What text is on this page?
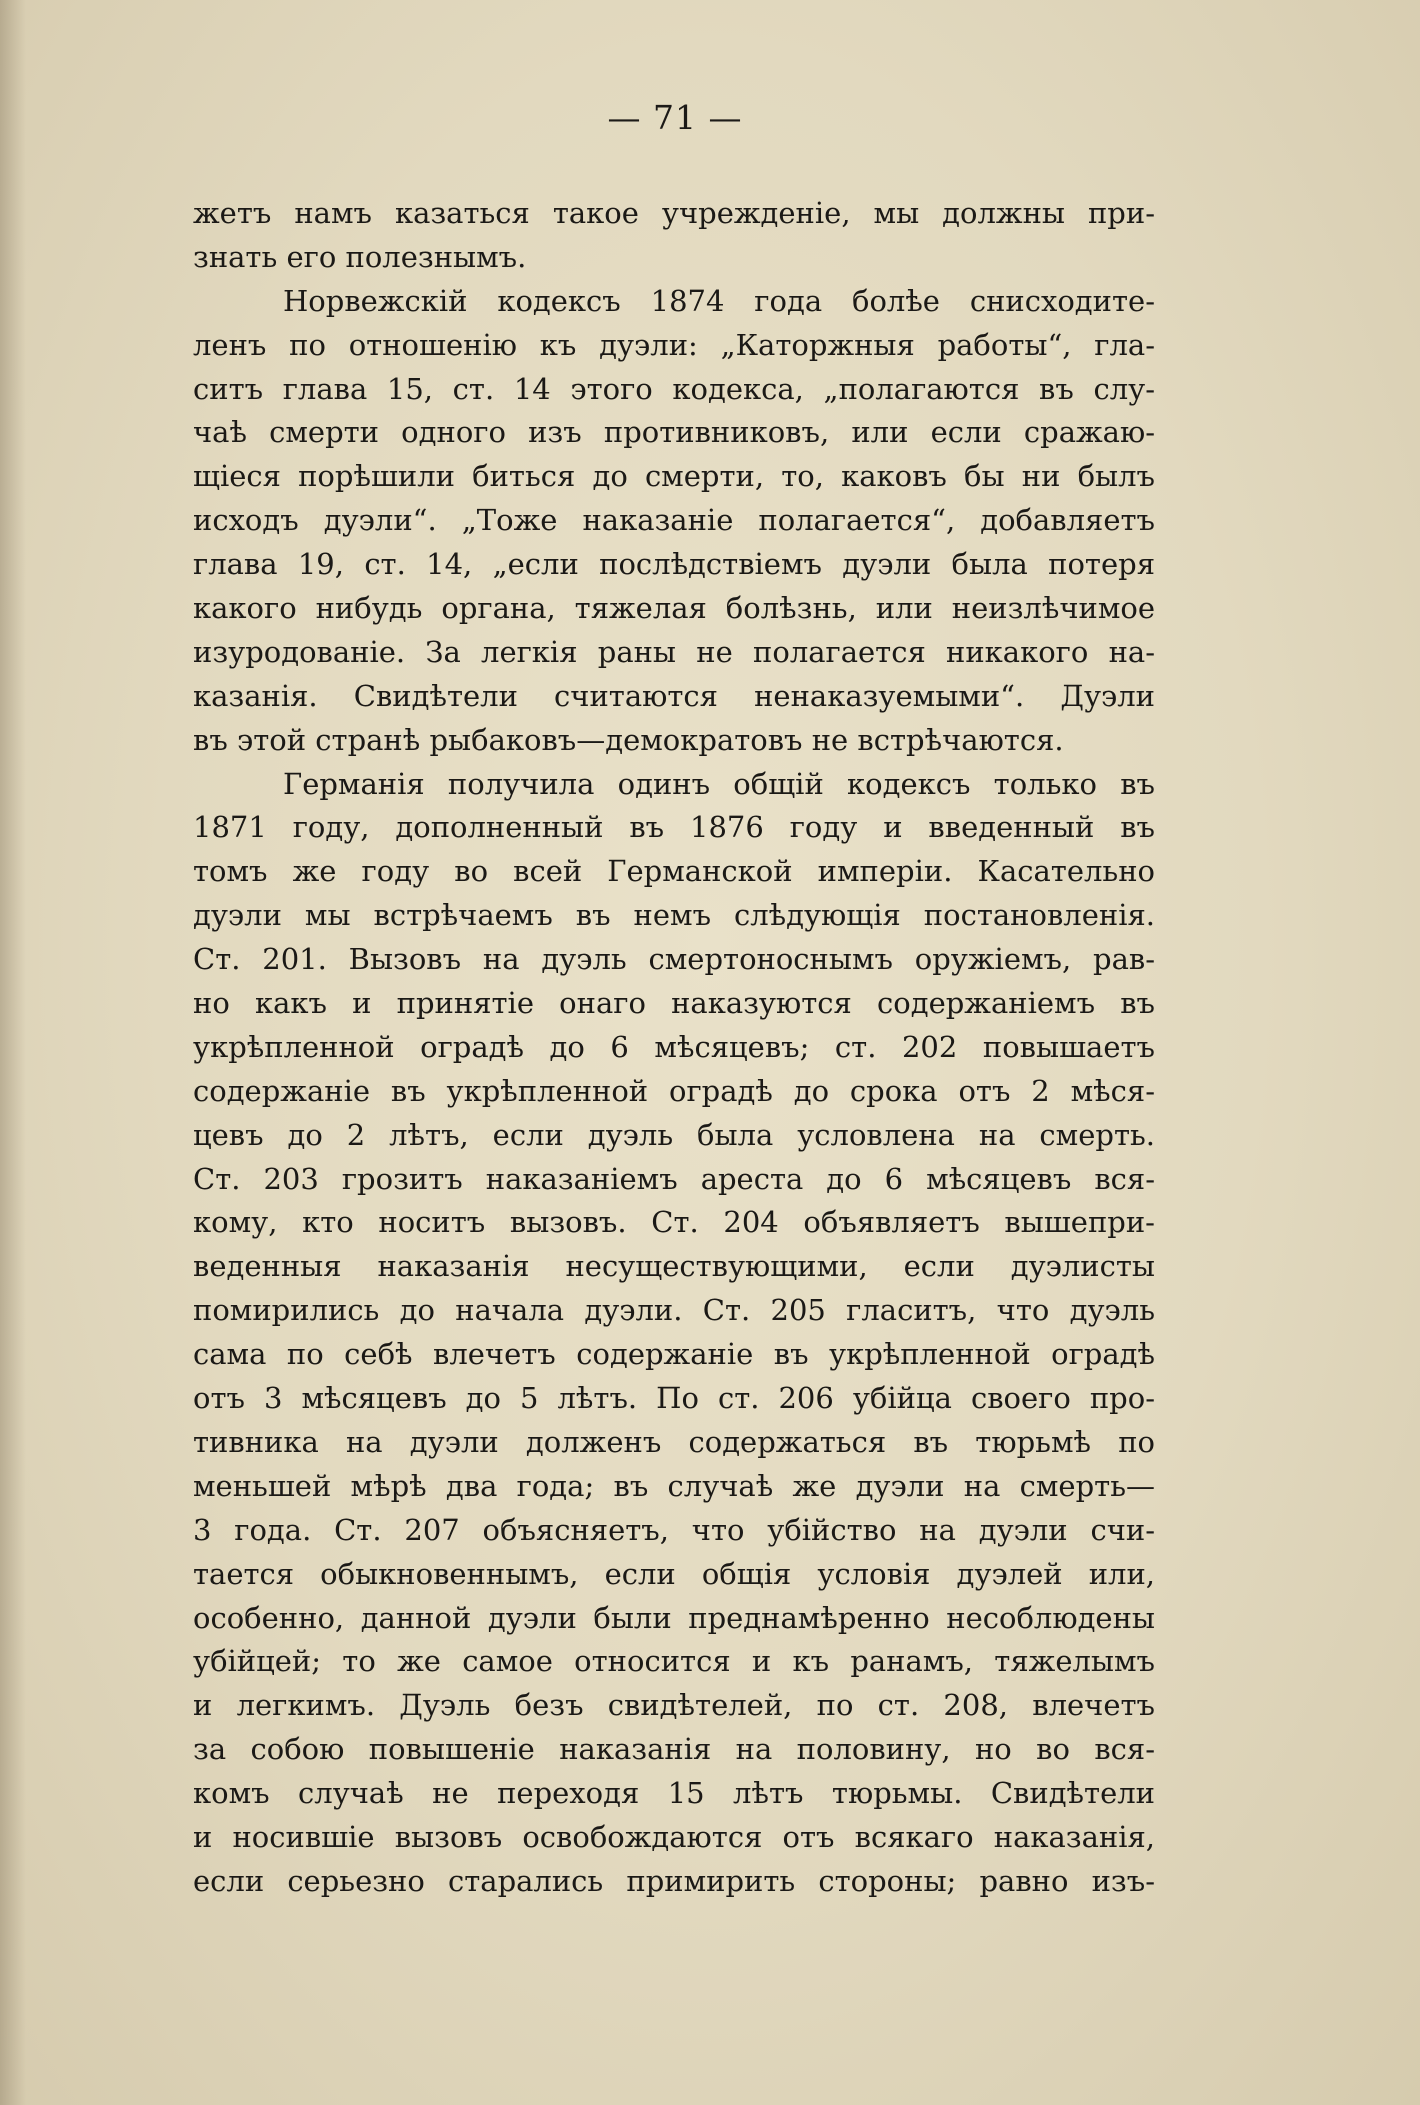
— 71 —
жетъ намъ казаться такое учрежденіе, мы должны при-
знать его полезнымъ.
Норвежскій кодексъ 1874 года болѣе снисходите-
ленъ по отношенію къ дуэли: „Каторжныя работы“, гла-
ситъ глава 15, ст. 14 этого кодекса, „полагаются въ слу-
чаѣ смерти одного изъ противниковъ, или если сражаю-
щіеся порѣшили биться до смерти, то, каковъ бы ни былъ
исходъ дуэли“. „Тоже наказаніе полагается“, добавляетъ
глава 19, ст. 14, „если послѣдствіемъ дуэли была потеря
какого нибудь органа, тяжелая болѣзнь, или неизлѣчимое
изуродованіе. За легкія раны не полагается никакого на-
казанія. Свидѣтели считаются ненаказуемыми“. Дуэли
въ этой странѣ рыбаковъ—демократовъ не встрѣчаются.
Германія получила одинъ общій кодексъ только въ
1871 году, дополненный въ 1876 году и введенный въ
томъ же году во всей Германской имперіи. Касательно
дуэли мы встрѣчаемъ въ немъ слѣдующія постановленія.
Ст. 201. Вызовъ на дуэль смертоноснымъ оружіемъ, рав-
но какъ и принятіе онаго наказуются содержаніемъ въ
укрѣпленной оградѣ до 6 мѣсяцевъ; ст. 202 повышаетъ
содержаніе въ укрѣпленной оградѣ до срока отъ 2 мѣся-
цевъ до 2 лѣтъ, если дуэль была условлена на смерть.
Ст. 203 грозитъ наказаніемъ ареста до 6 мѣсяцевъ вся-
кому, кто носитъ вызовъ. Ст. 204 объявляетъ вышепри-
веденныя наказанія несуществующими, если дуэлисты
помирились до начала дуэли. Ст. 205 гласитъ, что дуэль
сама по себѣ влечетъ содержаніе въ укрѣпленной оградѣ
отъ 3 мѣсяцевъ до 5 лѣтъ. По ст. 206 убійца своего про-
тивника на дуэли долженъ содержаться въ тюрьмѣ по
меньшей мѣрѣ два года; въ случаѣ же дуэли на смерть—
3 года. Ст. 207 объясняетъ, что убійство на дуэли счи-
тается обыкновеннымъ, если общія условія дуэлей или,
особенно, данной дуэли были преднамѣренно несоблюдены
убійцей; то же самое относится и къ ранамъ, тяжелымъ
и легкимъ. Дуэль безъ свидѣтелей, по ст. 208, влечетъ
за собою повышеніе наказанія на половину, но во вся-
комъ случаѣ не переходя 15 лѣтъ тюрьмы. Свидѣтели
и носившіе вызовъ освобождаются отъ всякаго наказанія,
если серьезно старались примирить стороны; равно изъ-
